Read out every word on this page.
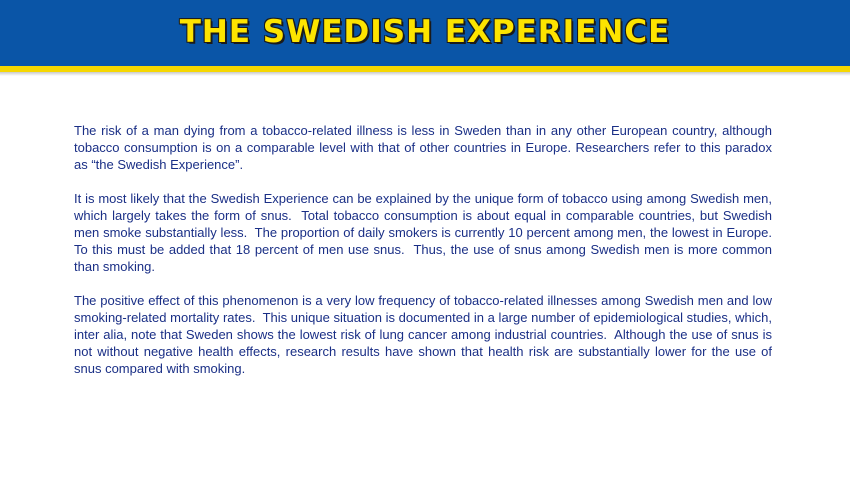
THE SWEDISH EXPERIENCE

The risk of a man dying from a tobacco-related illness is less in Sweden than in any other European country, although tobacco consumption is on a comparable level with that of other countries in Europe. Researchers refer to this paradox as “the Swedish Experience”.

It is most likely that the Swedish Experience can be explained by the unique form of tobacco using among Swedish men, which largely takes the form of snus.  Total tobacco consumption is about equal in comparable countries, but Swedish men smoke substantially less.  The proportion of daily smokers is currently 10 percent among men, the lowest in Europe.  To this must be added that 18 percent of men use snus.  Thus, the use of snus among Swedish men is more common   than smoking.

The positive effect of this phenomenon is a very low frequency of tobacco-related illnesses among Swedish men and low smoking-related mortality rates.  This unique situation is documented in a large number of epidemiological studies, which, inter alia, note that Sweden shows the lowest risk of lung cancer among industrial countries.  Although the use of snus is not without negative health effects, research results have shown that health risk are substantially lower for the use of snus compared with smoking.
